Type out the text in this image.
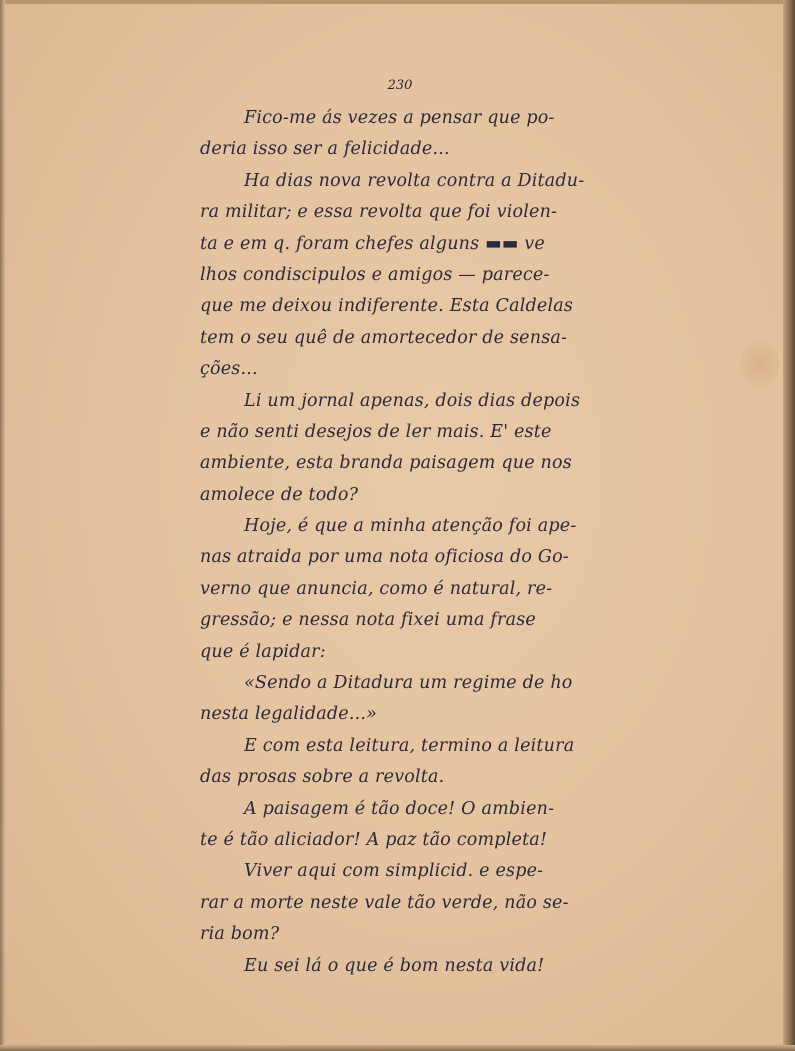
230
Fico-me ás vezes a pensar que po-
deria isso ser a felicidade...
Ha dias nova revolta contra a Ditadu-
ra militar; e essa revolta que foi violen-
ta e em q. foram chefes alguns ▬▬ ve
lhos condiscipulos e amigos — parece-
que me deixou indiferente. Esta Caldelas
tem o seu quê de amortecedor de sensa-
ções...
Li um jornal apenas, dois dias depois
e não senti desejos de ler mais. E' este
ambiente, esta branda paisagem que nos
amolece de todo?
Hoje, é que a minha atenção foi ape-
nas atraida por uma nota oficiosa do Go-
verno que anuncia, como é natural, re-
gressão; e nessa nota fixei uma frase
que é lapidar:
«Sendo a Ditadura um regime de ho
nesta legalidade...»
E com esta leitura, termino a leitura
das prosas sobre a revolta.
A paisagem é tão doce! O ambien-
te é tão aliciador! A paz tão completa!
Viver aqui com simplicid. e espe-
rar a morte neste vale tão verde, não se-
ria bom?
Eu sei lá o que é bom nesta vida!
